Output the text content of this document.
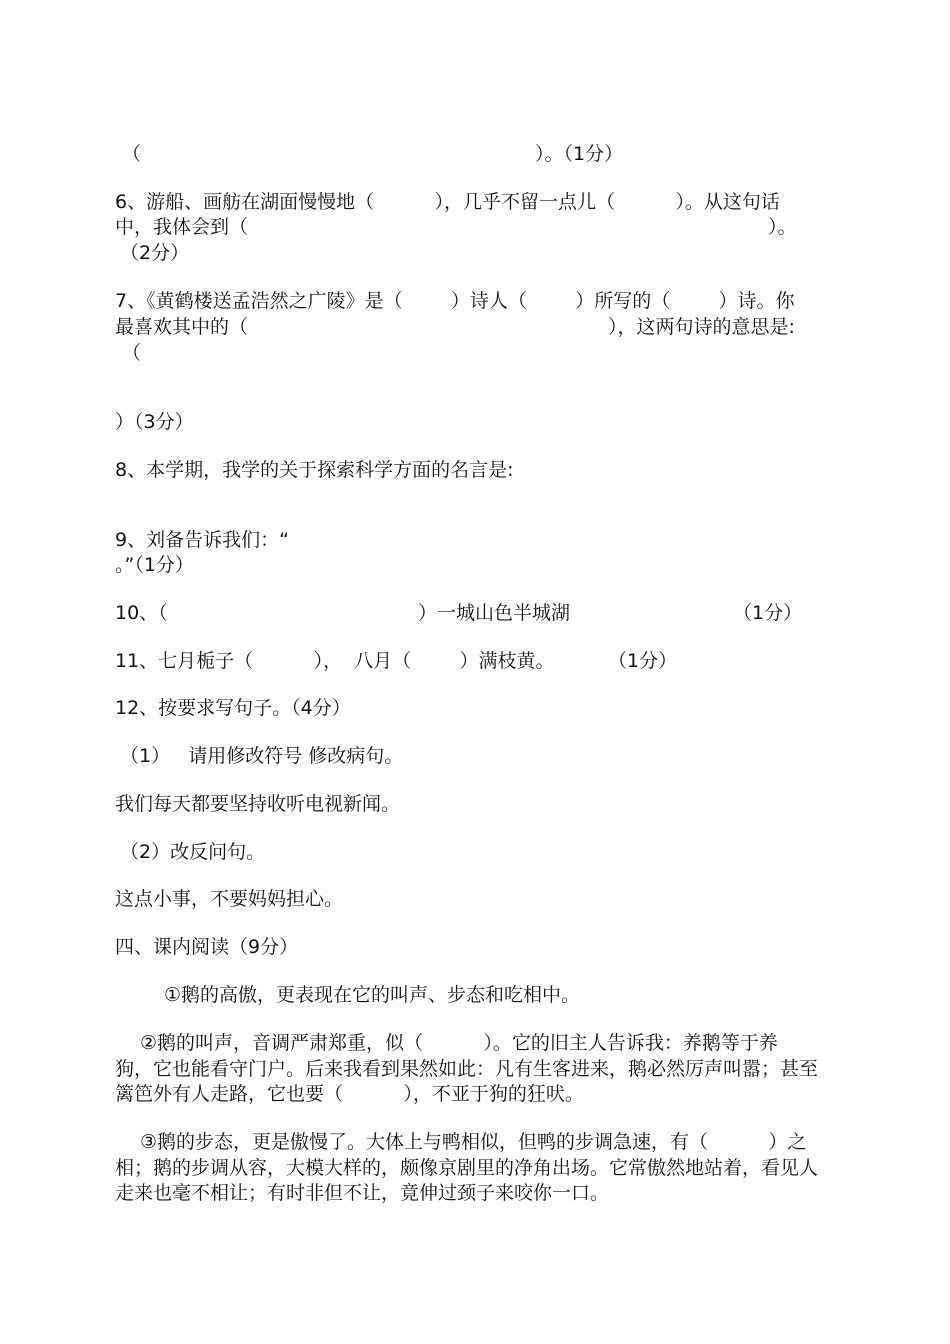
（	）。（1分）
6、游船、画舫在湖面慢慢地（          ），几乎不留一点儿（          ）。从这句话
中，我体会到（	）。
（2分）
7、《黄鹤楼送孟浩然之广陵》是（        ）诗人（        ）所写的（        ）诗。你
最喜欢其中的（	），这两句诗的意思是:
（
）（3分）
8、本学期，我学的关于探索科学方面的名言是:
9、刘备告诉我们：“
。”（1分）
10、（	）一城山色半城湖	（1分）
11、七月栀子（          ），  八月（        ）满枝黄。	（1分）
12、按要求写句子。（4分）
（1）   请用修改符号 修改病句。
我们每天都要坚持收听电视新闻。
（2）改反问句。
这点小事，不要妈妈担心。
四、课内阅读（9分）
①鹅的高傲，更表现在它的叫声、步态和吃相中。
②鹅的叫声，音调严肃郑重，似（          ）。它的旧主人告诉我：养鹅等于养
狗，它也能看守门户。后来我看到果然如此：凡有生客进来，鹅必然厉声叫嚣；甚至
篱笆外有人走路，它也要（          ），不亚于狗的狂吠。
③鹅的步态，更是傲慢了。大体上与鸭相似，但鸭的步调急速，有（          ）之
相；鹅的步调从容，大模大样的，颇像京剧里的净角出场。它常傲然地站着，看见人
走来也毫不相让；有时非但不让，竟伸过颈子来咬你一口。
